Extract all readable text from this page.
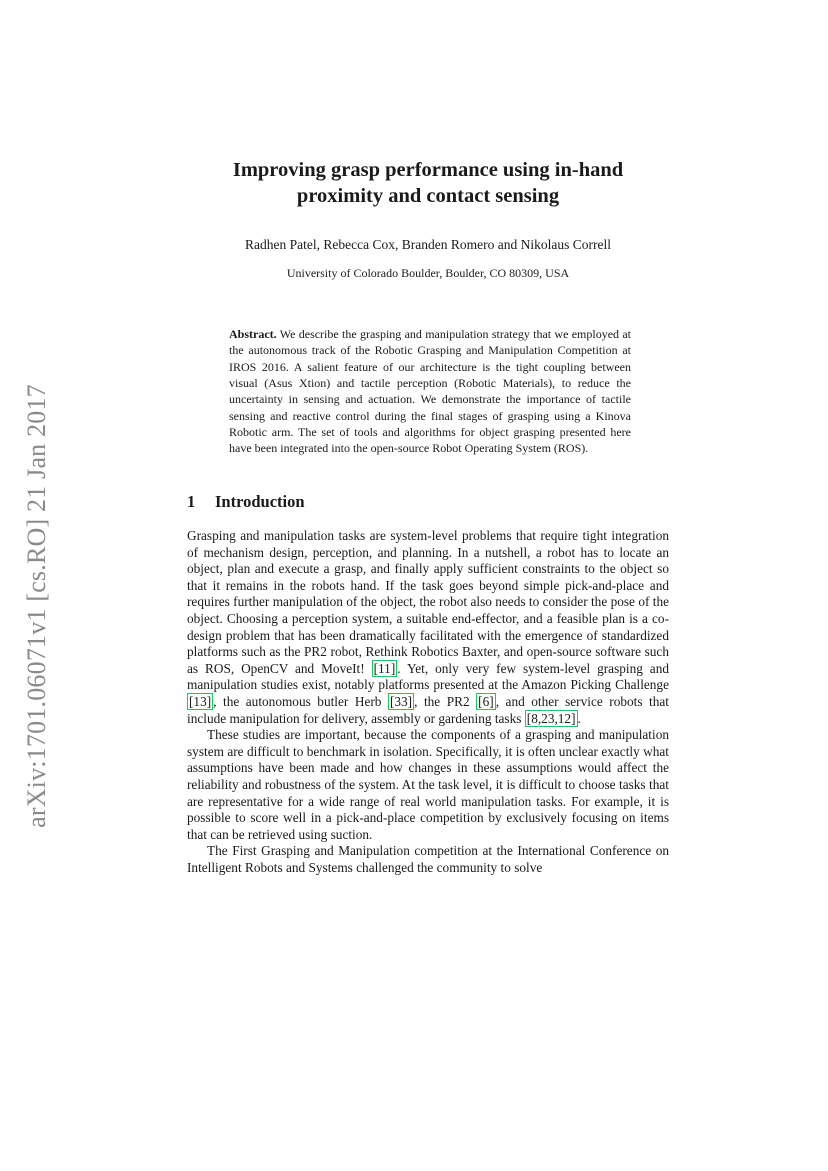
arXiv:1701.06071v1 [cs.RO] 21 Jan 2017
Improving grasp performance using in-hand
proximity and contact sensing

Radhen Patel, Rebecca Cox, Branden Romero and Nikolaus Correll

University of Colorado Boulder, Boulder, CO 80309, USA

Abstract. We describe the grasping and manipulation strategy that we employed at the autonomous track of the Robotic Grasping and Manipulation Competition at IROS 2016. A salient feature of our architecture is the tight coupling between visual (Asus Xtion) and tactile perception (Robotic Materials), to reduce the uncertainty in sensing and actuation. We demonstrate the importance of tactile sensing and reactive control during the final stages of grasping using a Kinova Robotic arm. The set of tools and algorithms for object grasping presented here have been integrated into the open-source Robot Operating System (ROS).

1 Introduction

Grasping and manipulation tasks are system-level problems that require tight integration of mechanism design, perception, and planning. In a nutshell, a robot has to locate an object, plan and execute a grasp, and finally apply sufficient constraints to the object so that it remains in the robots hand. If the task goes beyond simple pick-and-place and requires further manipulation of the object, the robot also needs to consider the pose of the object. Choosing a perception system, a suitable end-effector, and a feasible plan is a co-design problem that has been dramatically facilitated with the emergence of standardized platforms such as the PR2 robot, Rethink Robotics Baxter, and open-source software such as ROS, OpenCV and MoveIt! [11] . Yet, only very few system-level grasping and manipulation studies exist, notably platforms presented at the Amazon Picking Challenge [13] , the autonomous butler Herb [33] , the PR2 [6] , and other service robots that include manipulation for delivery, assembly or gardening tasks [8,23,12] .

These studies are important, because the components of a grasping and manipulation system are difficult to benchmark in isolation. Specifically, it is often unclear exactly what assumptions have been made and how changes in these assumptions would affect the reliability and robustness of the system. At the task level, it is difficult to choose tasks that are representative for a wide range of real world manipulation tasks. For example, it is possible to score well in a pick-and-place competition by exclusively focusing on items that can be retrieved using suction.

The First Grasping and Manipulation competition at the International Conference on Intelligent Robots and Systems challenged the community to solve
